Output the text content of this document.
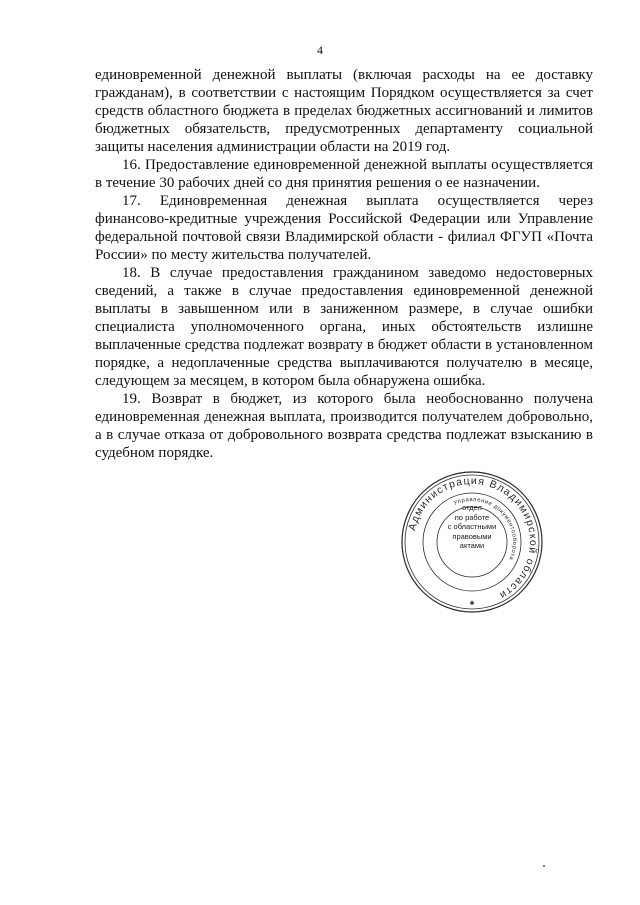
4

единовременной денежной выплаты (включая расходы на ее доставку гражданам), в соответствии с настоящим Порядком осуществляется за счет средств областного бюджета в пределах бюджетных ассигнований и лимитов бюджетных обязательств, предусмотренных департаменту социальной защиты населения администрации области на 2019 год.

16. Предоставление единовременной денежной выплаты осуществляется в течение 30 рабочих дней со дня принятия решения о ее назначении.

17. Единовременная денежная выплата осуществляется через финансово-кредитные учреждения Российской Федерации или Управление федеральной почтовой связи Владимирской области - филиал ФГУП «Почта России» по месту жительства получателей.

18. В случае предоставления гражданином заведомо недостоверных сведений, а также в случае предоставления единовременной денежной выплаты в завышенном или в заниженном размере, в случае ошибки специалиста уполномоченного органа, иных обстоятельств излишне выплаченные средства подлежат возврату в бюджет области в установленном порядке, а недоплаченные средства выплачиваются получателю в месяце, следующем за месяцем, в котором была обнаружена ошибка.

19. Возврат в бюджет, из которого была необоснованно получена единовременная денежная выплата, производится получателем добровольно, а в случае отказа от добровольного возврата средства подлежат взысканию в судебном порядке.

Администрация Владимирской области
Управление документооборота
✱
отдел
по работе
с областными
правовыми
актами
